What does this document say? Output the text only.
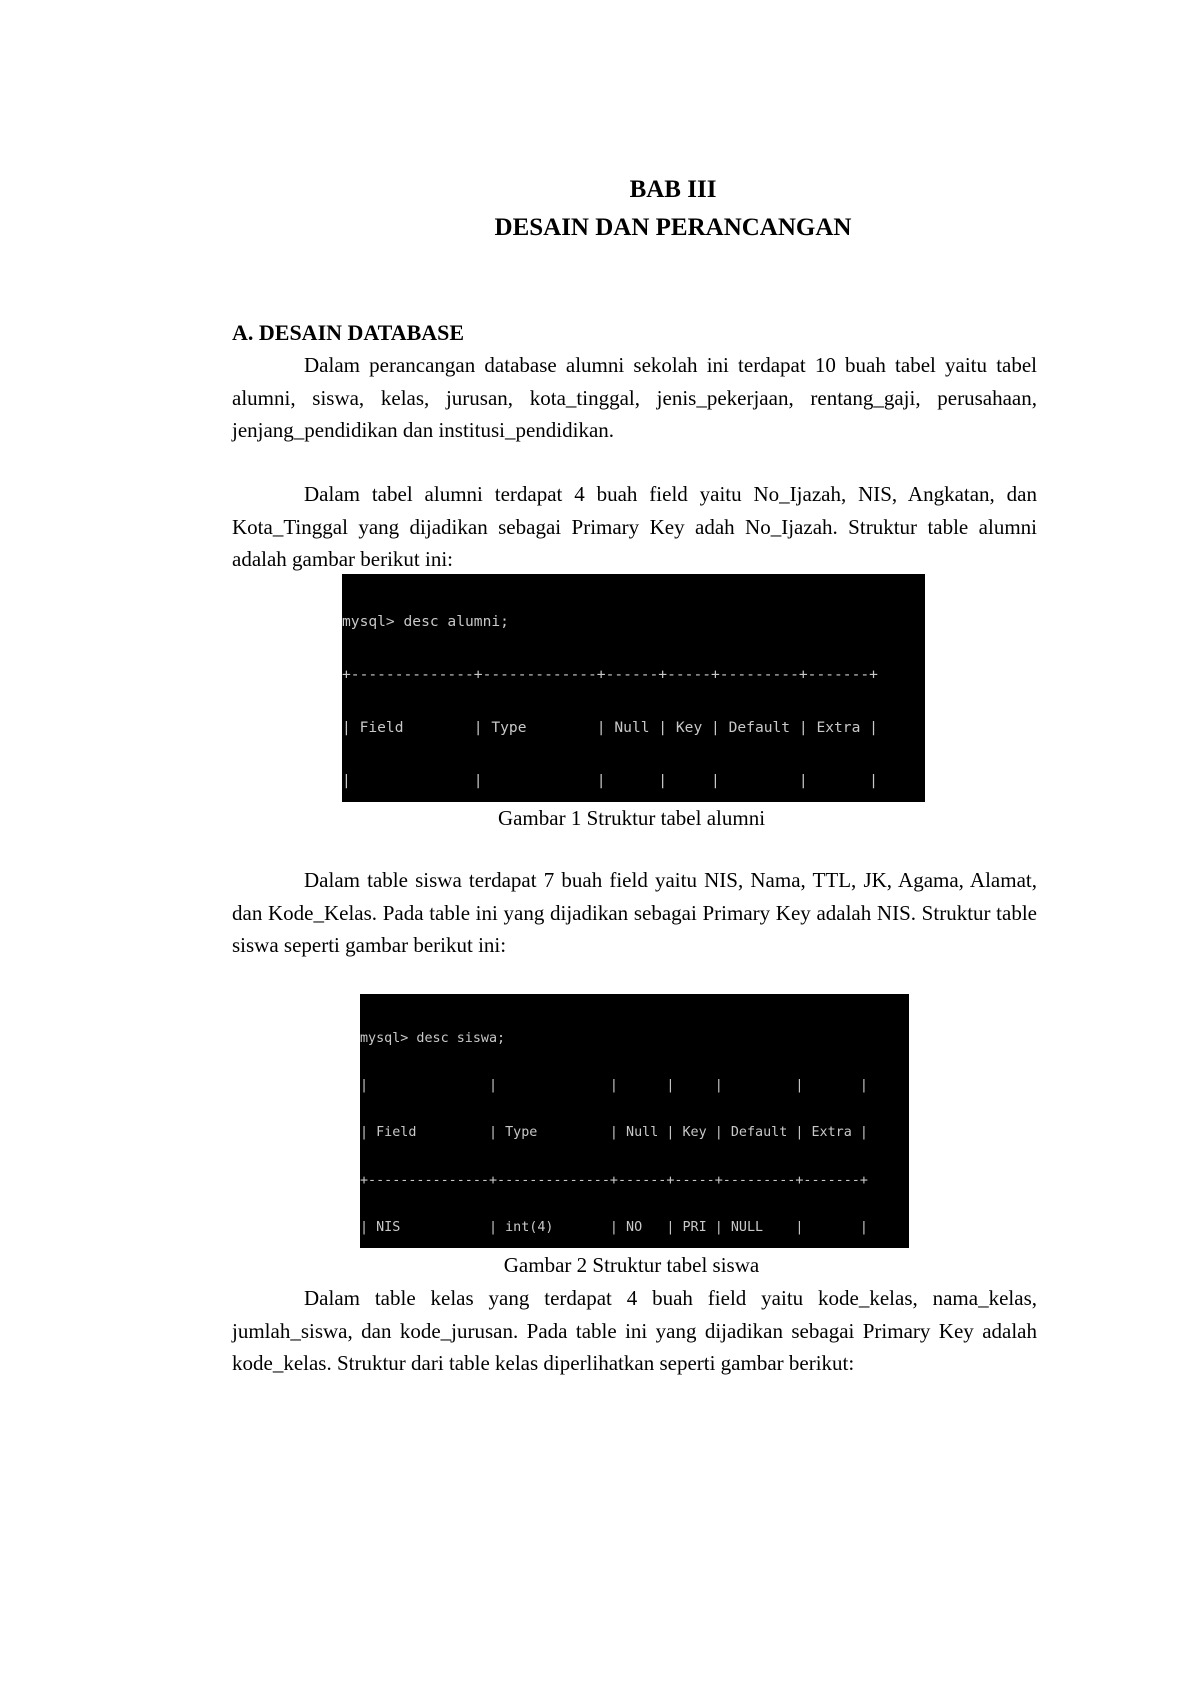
BAB III
DESAIN DAN PERANCANGAN
A. DESAIN DATABASE
Dalam perancangan database alumni sekolah ini terdapat 10 buah tabel yaitu tabel alumni, siswa, kelas, jurusan, kota_tinggal, jenis_pekerjaan, rentang_gaji, perusahaan, jenjang_pendidikan dan institusi_pendidikan.
Dalam tabel alumni terdapat 4 buah field yaitu No_Ijazah, NIS, Angkatan, dan Kota_Tinggal yang dijadikan sebagai Primary Key adah No_Ijazah. Struktur table alumni adalah gambar berikut ini:

mysql> desc alumni;

+--------------+-------------+------+-----+---------+-------+

| Field        | Type        | Null | Key | Default | Extra |

|              |             |      |     |         |       |

Gambar 1 Struktur tabel alumni
Dalam table siswa terdapat 7 buah field yaitu NIS, Nama, TTL, JK, Agama, Alamat, dan Kode_Kelas. Pada table ini yang dijadikan sebagai Primary Key adalah NIS. Struktur table siswa seperti gambar berikut ini:

mysql> desc siswa;

|               |              |      |     |         |       |

| Field         | Type         | Null | Key | Default | Extra |

+---------------+--------------+------+-----+---------+-------+

| NIS           | int(4)       | NO   | PRI | NULL    |       |

Gambar 2 Struktur tabel siswa
Dalam table kelas yang terdapat 4 buah field yaitu kode_kelas, nama_kelas, jumlah_siswa, dan kode_jurusan. Pada table ini yang dijadikan sebagai Primary Key adalah kode_kelas. Struktur dari table kelas diperlihatkan seperti gambar berikut:
